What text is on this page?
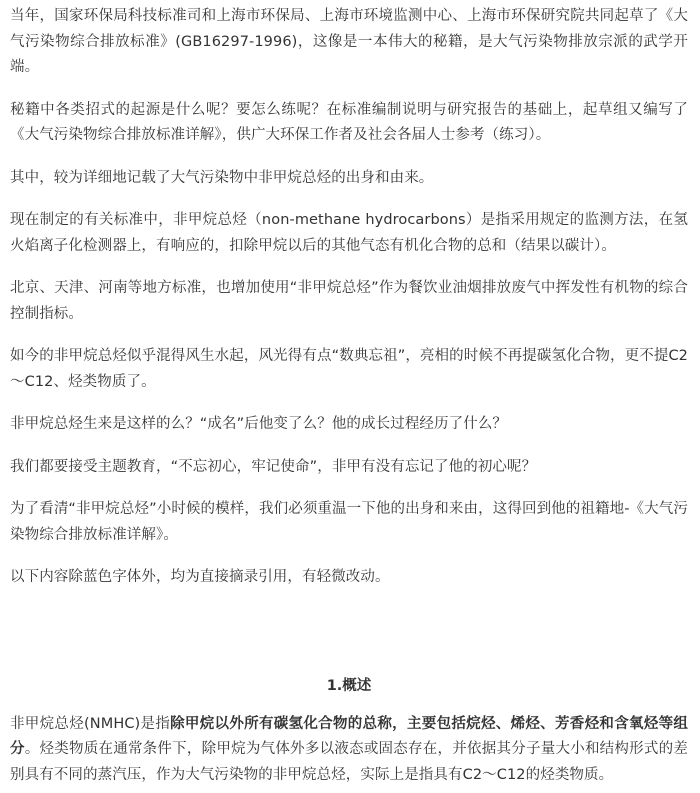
当年，国家环保局科技标准司和上海市环保局、上海市环境监测中心、上海市环保研究院共同起草了《大气污染物综合排放标准》(GB16297-1996)，这像是一本伟大的秘籍，是大气污染物排放宗派的武学开端。

秘籍中各类招式的起源是什么呢？要怎么练呢？在标准编制说明与研究报告的基础上，起草组又编写了《大气污染物综合排放标准详解》，供广大环保工作者及社会各届人士参考（练习）。

其中，较为详细地记载了大气污染物中非甲烷总烃的出身和由来。

现在制定的有关标准中，非甲烷总烃（non-methane hydrocarbons）是指采用规定的监测方法，在氢火焰离子化检测器上，有响应的，扣除甲烷以后的其他气态有机化合物的总和（结果以碳计）。

北京、天津、河南等地方标准，也增加使用“非甲烷总烃”作为餐饮业油烟排放废气中挥发性有机物的综合控制指标。

如今的非甲烷总烃似乎混得风生水起，风光得有点“数典忘祖”，亮相的时候不再提碳氢化合物，更不提C2～C12、烃类物质了。

非甲烷总烃生来是这样的么？“成名”后他变了么？他的成长过程经历了什么？

我们都要接受主题教育，“不忘初心，牢记使命”，非甲有没有忘记了他的初心呢？

为了看清“非甲烷总烃”小时候的模样，我们必须重温一下他的出身和来由，这得回到他的祖籍地-《大气污染物综合排放标准详解》。

以下内容除蓝色字体外，均为直接摘录引用，有轻微改动。

1.概述

非甲烷总烃(NMHC)是指除甲烷以外所有碳氢化合物的总称，主要包括烷烃、烯烃、芳香烃和含氧烃等组分。烃类物质在通常条件下，除甲烷为气体外多以液态或固态存在，并依据其分子量大小和结构形式的差别具有不同的蒸汽压，作为大气污染物的非甲烷总烃，实际上是指具有C2～C12的烃类物质。
